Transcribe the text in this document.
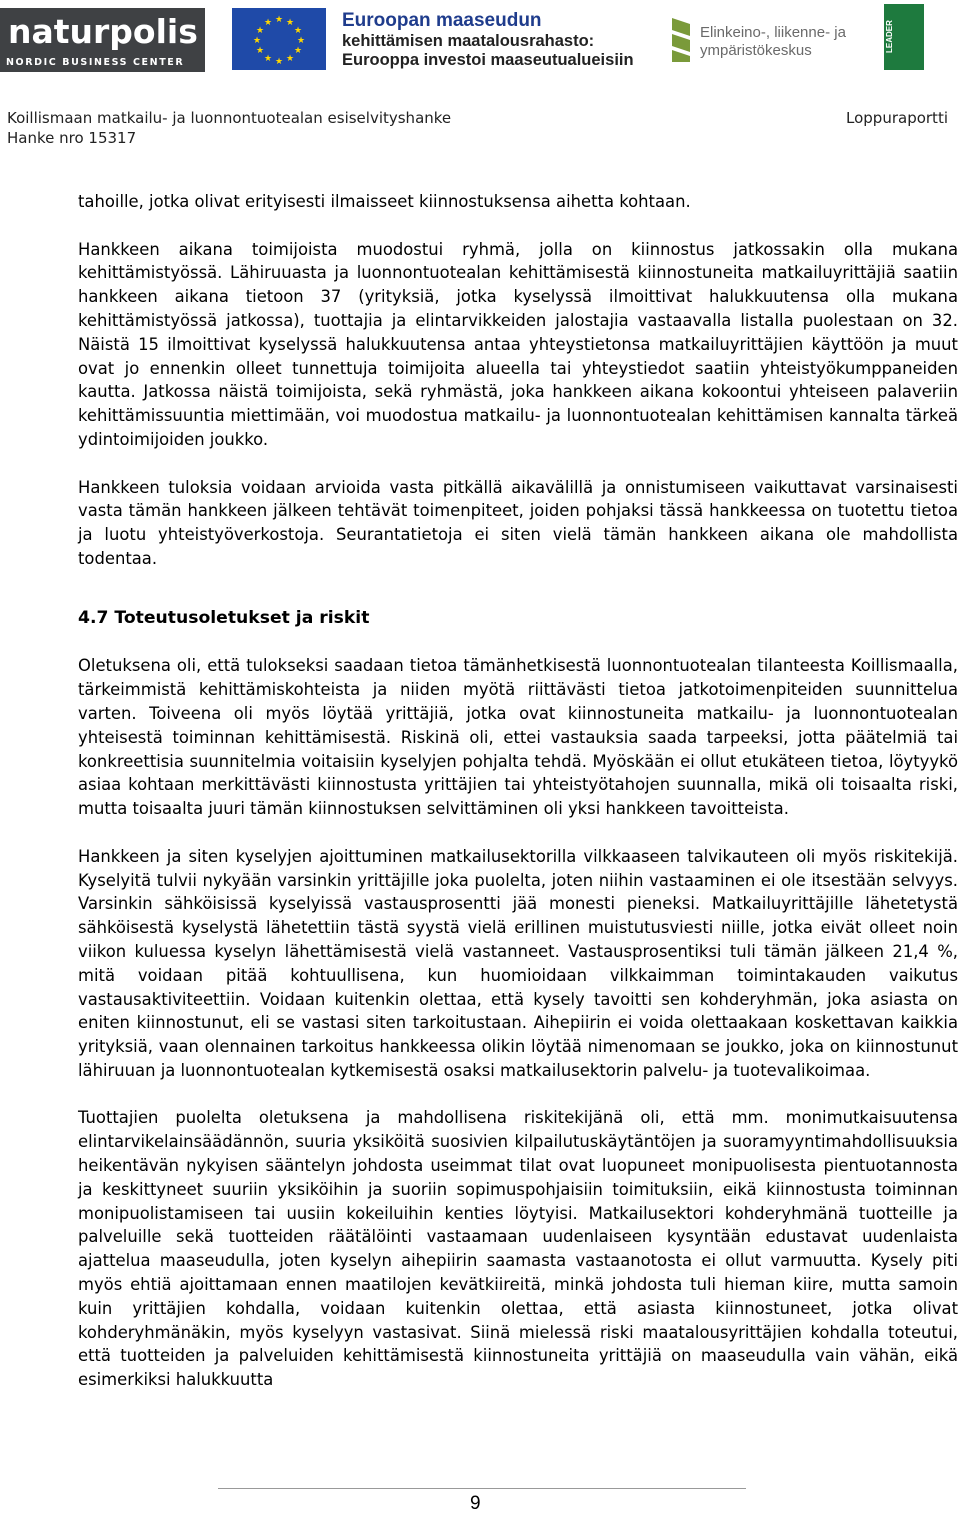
naturpolis
NORDIC BUSINESS CENTER
★ ★
★
★
★
★
★
★
★
★
★
★	Euroopan maaseudun
kehittämisen maatalousrahasto:
Eurooppa investoi maaseutualueisiin
Elinkeino-, liikenne- ja
ympäristökeskus	LEADER
Koillismaan matkailu- ja luonnontuotealan esiselvityshanke
Hanke nro 15317
Loppuraportti

tahoille, jotka olivat erityisesti ilmaisseet kiinnostuksensa aihetta kohtaan.

Hankkeen aikana toimijoista muodostui ryhmä, jolla on kiinnostus jatkossakin olla mukana kehittämistyössä. Lähiruuasta ja luonnontuotealan kehittämisestä kiinnostuneita matkailuyrittäjiä saatiin hankkeen aikana tietoon 37 (yrityksiä, jotka kyselyssä ilmoittivat halukkuutensa olla mukana kehittämistyössä jatkossa), tuottajia ja elintarvikkeiden jalostajia vastaavalla listalla puolestaan on 32. Näistä 15 ilmoittivat kyselyssä halukkuutensa antaa yhteystietonsa matkailuyrittäjien käyttöön ja muut ovat jo ennenkin olleet tunnettuja toimijoita alueella tai yhteystiedot saatiin yhteistyökumppaneiden kautta. Jatkossa näistä toimijoista, sekä ryhmästä, joka hankkeen aikana kokoontui yhteiseen palaveriin kehittämissuuntia miettimään, voi muodostua matkailu- ja luonnontuotealan kehittämisen kannalta tärkeä ydintoimijoiden joukko.

Hankkeen tuloksia voidaan arvioida vasta pitkällä aikavälillä ja onnistumiseen vaikuttavat varsinaisesti vasta tämän hankkeen jälkeen tehtävät toimenpiteet, joiden pohjaksi tässä hankkeessa on tuotettu tietoa ja luotu yhteistyöverkostoja. Seurantatietoja ei siten vielä tämän hankkeen aikana ole mahdollista todentaa.

4.7 Toteutusoletukset ja riskit

Oletuksena oli, että tulokseksi saadaan tietoa tämänhetkisestä luonnontuotealan tilanteesta Koillismaalla, tärkeimmistä kehittämiskohteista ja niiden myötä riittävästi tietoa jatkotoimenpiteiden suunnittelua varten. Toiveena oli myös löytää yrittäjiä, jotka ovat kiinnostuneita matkailu- ja luonnontuotealan yhteisestä toiminnan kehittämisestä. Riskinä oli, ettei vastauksia saada tarpeeksi, jotta päätelmiä tai konkreettisia suunnitelmia voitaisiin kyselyjen pohjalta tehdä. Myöskään ei ollut etukäteen tietoa, löytyykö asiaa kohtaan merkittävästi kiinnostusta yrittäjien tai yhteistyötahojen suunnalla, mikä oli toisaalta riski, mutta toisaalta juuri tämän kiinnostuksen selvittäminen oli yksi hankkeen tavoitteista.

Hankkeen ja siten kyselyjen ajoittuminen matkailusektorilla vilkkaaseen talvikauteen oli myös riskitekijä. Kyselyitä tulvii nykyään varsinkin yrittäjille joka puolelta, joten niihin vastaaminen ei ole itsestään selvyys. Varsinkin sähköisissä kyselyissä vastausprosentti jää monesti pieneksi. Matkailuyrittäjille lähetetystä sähköisestä kyselystä lähetettiin tästä syystä vielä erillinen muistutusviesti niille, jotka eivät olleet noin viikon kuluessa kyselyn lähettämisestä vielä vastanneet. Vastausprosentiksi tuli tämän jälkeen 21,4 %, mitä voidaan pitää kohtuullisena, kun huomioidaan vilkkaimman toimintakauden vaikutus vastausaktiviteettiin. Voidaan kuitenkin olettaa, että kysely tavoitti sen kohderyhmän, joka asiasta on eniten kiinnostunut, eli se vastasi siten tarkoitustaan. Aihepiirin ei voida olettaakaan koskettavan kaikkia yrityksiä, vaan olennainen tarkoitus hankkeessa olikin löytää nimenomaan se joukko, joka on kiinnostunut lähiruuan ja luonnontuotealan kytkemisestä osaksi matkailusektorin palvelu- ja tuotevalikoimaa.

Tuottajien puolelta oletuksena ja mahdollisena riskitekijänä oli, että mm. monimutkaisuutensa elintarvikelainsäädännön, suuria yksiköitä suosivien kilpailutuskäytäntöjen ja suoramyyntimahdollisuuksia heikentävän nykyisen sääntelyn johdosta useimmat tilat ovat luopuneet monipuolisesta pientuotannosta ja keskittyneet suuriin yksiköihin ja suoriin sopimuspohjaisiin toimituksiin, eikä kiinnostusta toiminnan monipuolistamiseen tai uusiin kokeiluihin kenties löytyisi. Matkailusektori kohderyhmänä tuotteille ja palveluille sekä tuotteiden räätälöinti vastaamaan uudenlaiseen kysyntään edustavat uudenlaista ajattelua maaseudulla, joten kyselyn aihepiirin saamasta vastaanotosta ei ollut varmuutta. Kysely piti myös ehtiä ajoittamaan ennen maatilojen kevätkiireitä, minkä johdosta tuli hieman kiire, mutta samoin kuin yrittäjien kohdalla, voidaan kuitenkin olettaa, että asiasta kiinnostuneet, jotka olivat kohderyhmänäkin, myös kyselyyn vastasivat. Siinä mielessä riski maatalousyrittäjien kohdalla toteutui, että tuotteiden ja palveluiden kehittämisestä kiinnostuneita yrittäjiä on maaseudulla vain vähän, eikä esimerkiksi halukkuutta

9
